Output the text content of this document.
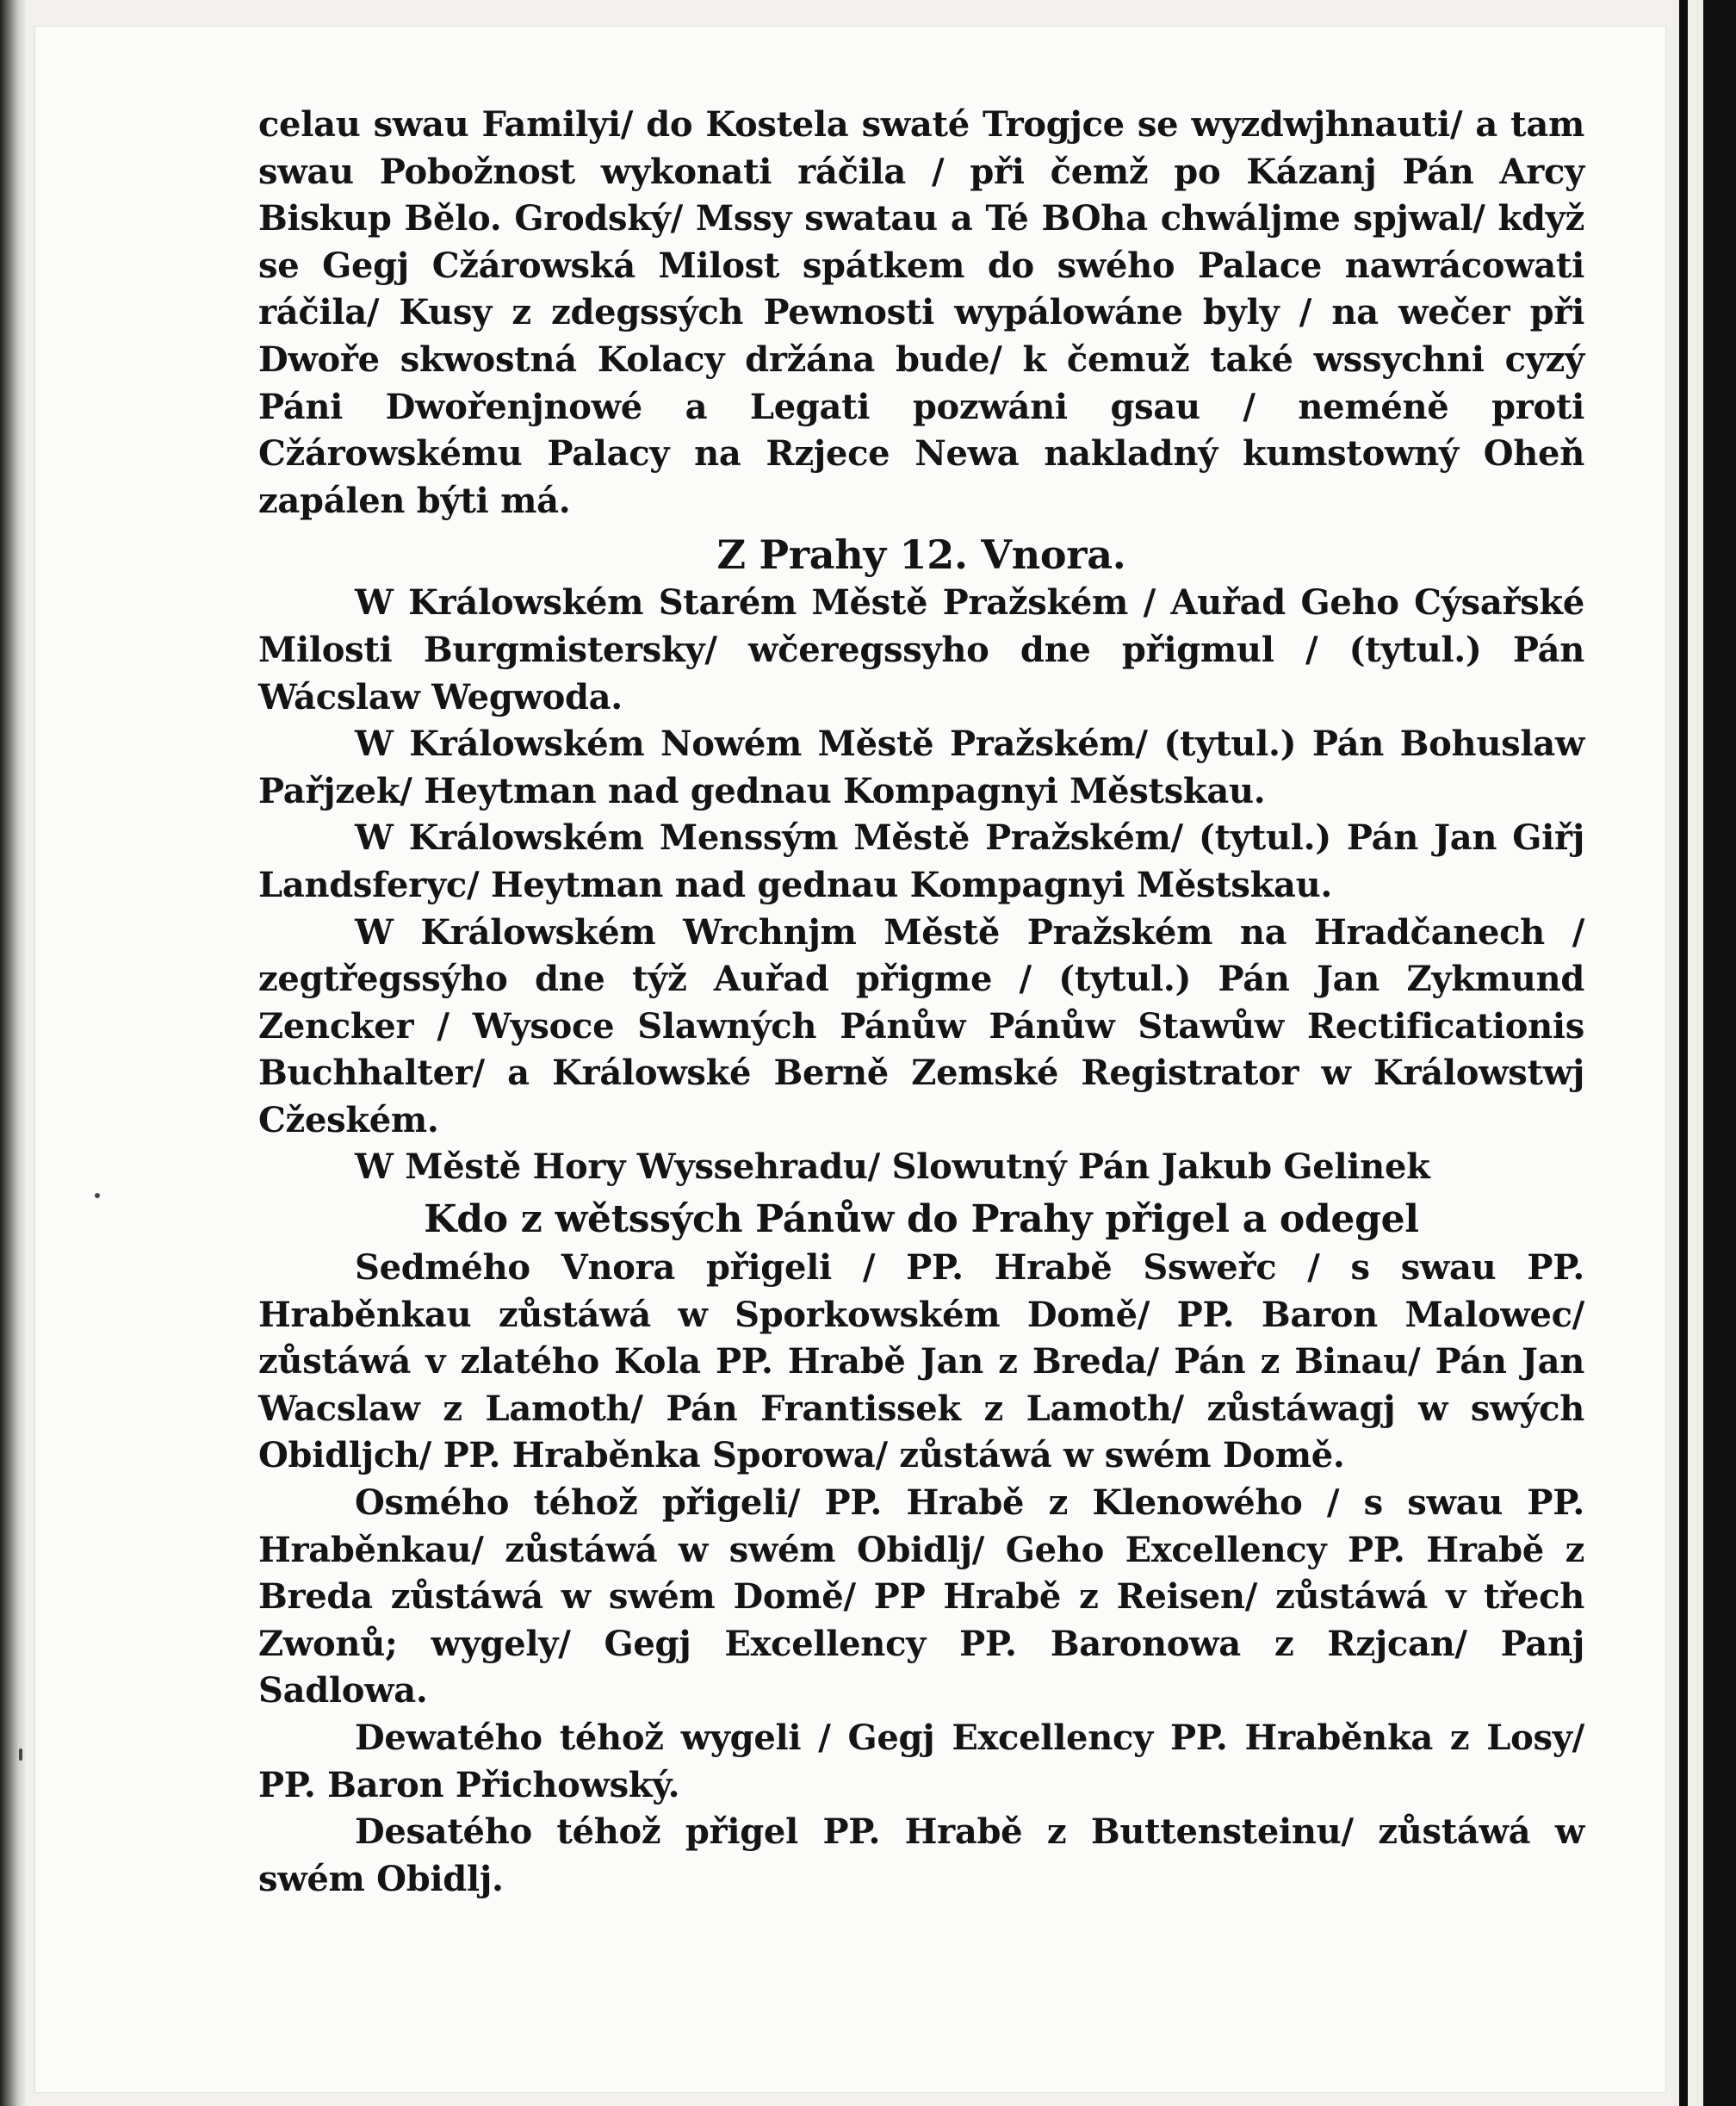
celau swau Familyi/ do Kostela swaté Trogjce se wyzdwjhnauti/ a tam swau Pobožnost wykonati ráčila / při čemž po Kázanj Pán Arcy Biskup Bělo. Grodský/ Mssy swatau a Té BOha chwáljme spjwal/ když se Gegj Cžárowská Milost spátkem do swého Palace nawrácowati ráčila/ Kusy z zdegssých Pewnosti wypálowáne byly / na wečer při Dwoře skwostná Kolacy držána bude/ k čemuž také wssychni cyzý Páni Dwořenjnowé a Legati pozwáni gsau / neméně proti Cžárowskému Palacy na Rzjece Newa nakladný kumstowný Oheň zapálen býti má.

Z Prahy 12. Vnora.

W Králowském Starém Městě Pražském / Auřad Geho Cýsařské Milosti Burgmistersky/ wčeregssyho dne přigmul / (tytul.) Pán Wácslaw Wegwoda.

W Králowském Nowém Městě Pražském/ (tytul.) Pán Bohuslaw Pařjzek/ Heytman nad gednau Kompagnyi Městskau.

W Králowském Menssým Městě Pražském/ (tytul.) Pán Jan Giřj Landsferyc/ Heytman nad gednau Kompagnyi Městskau.

W Králowském Wrchnjm Městě Pražském na Hradčanech / zegtřegssýho dne týž Auřad přigme / (tytul.) Pán Jan Zykmund Zencker / Wysoce Slawných Pánůw Pánůw Stawůw Rectificationis Buchhalter/ a Králowské Berně Zemské Registrator w Králowstwj Cžeském.

W Městě Hory Wyssehradu/ Slowutný Pán Jakub Gelinek

Kdo z wětssých Pánůw do Prahy přigel a odegel

Sedmého Vnora přigeli / PP. Hrabě Ssweřc / s swau PP. Hraběnkau zůstáwá w Sporkowském Domě/ PP. Baron Malowec/ zůstáwá v zlatého Kola PP. Hrabě Jan z Breda/ Pán z Binau/ Pán Jan Wacslaw z Lamoth/ Pán Frantissek z Lamoth/ zůstáwagj w swých Obidljch/ PP. Hraběnka Sporowa/ zůstáwá w swém Domě.

Osmého téhož přigeli/ PP. Hrabě z Klenowého / s swau PP. Hraběnkau/ zůstáwá w swém Obidlj/ Geho Excellency PP. Hrabě z Breda zůstáwá w swém Domě/ PP Hrabě z Reisen/ zůstáwá v třech Zwonů; wygely/ Gegj Excellency PP. Baronowa z Rzjcan/ Panj Sadlowa.

Dewatého téhož wygeli / Gegj Excellency PP. Hraběnka z Losy/ PP. Baron Přichowský.

Desatého téhož přigel PP. Hrabě z Buttensteinu/ zůstáwá w swém Obidlj.
